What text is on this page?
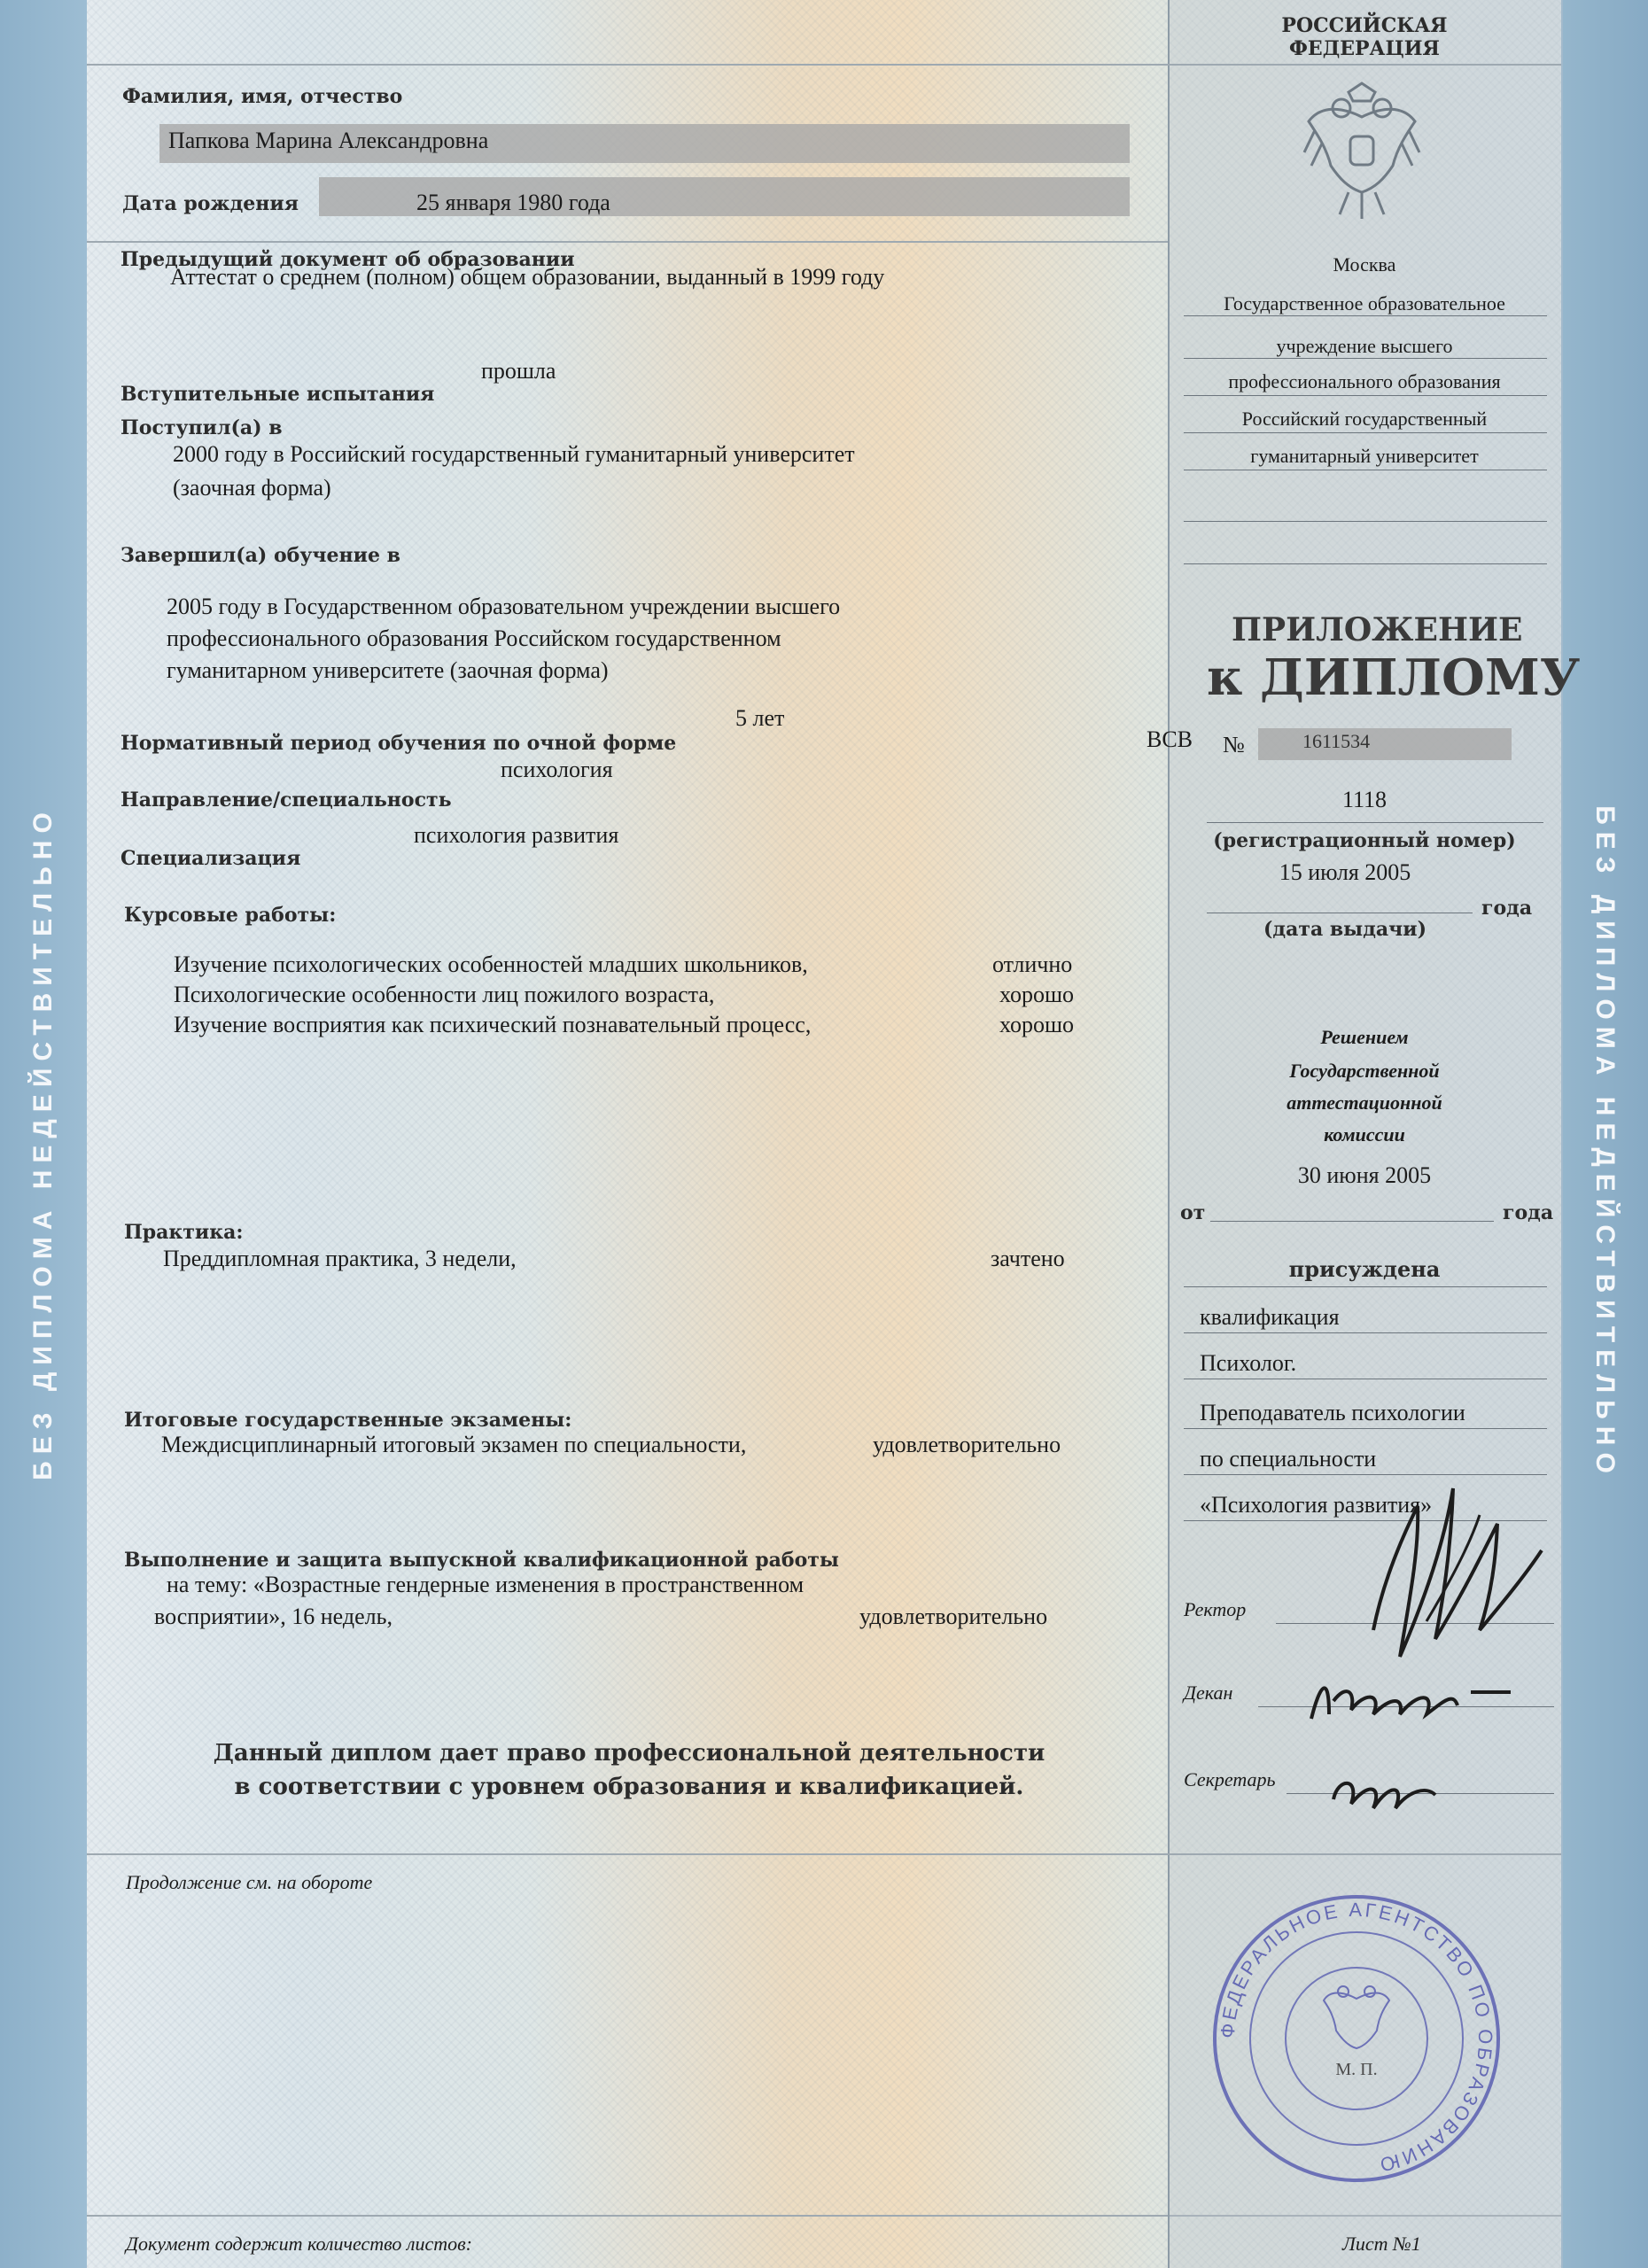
БЕЗ ДИПЛОМА НЕДЕЙСТВИТЕЛЬНО	БЕЗ ДИПЛОМА НЕДЕЙСТВИТЕЛЬНО
Фамилия, имя, отчество
Папкова Марина Александровна
Дата рождения	25 января 1980 года
Предыдущий документ об образовании
Аттестат о среднем (полном) общем образовании, выданный в 1999 году
прошла
Вступительные испытания
Поступил(а) в
2000 году в Российский государственный гуманитарный университет
(заочная форма)
Завершил(а) обучение в
2005 году в Государственном образовательном учреждении высшего
профессионального образования Российском государственном
гуманитарном университете (заочная форма)
5 лет
Нормативный период обучения по очной форме
психология
Направление/специальность
психология развития
Специализация
Курсовые работы:
Изучение психологических особенностей младших школьников,	отлично
Психологические особенности лиц пожилого возраста,	хорошо
Изучение восприятия как психический познавательный процесс,	хорошо
Практика:
Преддипломная практика, 3 недели,	зачтено
Итоговые государственные экзамены:
Междисциплинарный итоговый экзамен по специальности,	удовлетворительно
Выполнение и защита выпускной квалификационной работы
на тему: «Возрастные гендерные изменения в пространственном
восприятии», 16 недель,	удовлетворительно
Данный диплом дает право профессиональной деятельности
в соответствии с уровнем образования и квалификацией.
Продолжение см. на обороте
Документ содержит количество листов:
РОССИЙСКАЯ
ФЕДЕРАЦИЯ
Москва
Государственное образовательное
учреждение высшего
профессионального образования
Российский государственный
гуманитарный университет
ПРИЛОЖЕНИЕ
к ДИПЛОМУ
ВСВ №	1611534
1118
(регистрационный номер)
15 июля 2005
года
(дата выдачи)
Решением
Государственной
аттестационной
комиссии
30 июня 2005
от	года
присуждена
квалификация
Психолог.
Преподаватель психологии
по специальности
«Психология развития»
Ректор
Декан
Секретарь
ФЕДЕРАЛЬНОЕ АГЕНТСТВО ПО ОБРАЗОВАНИЮ
М. П.
Лист №1
